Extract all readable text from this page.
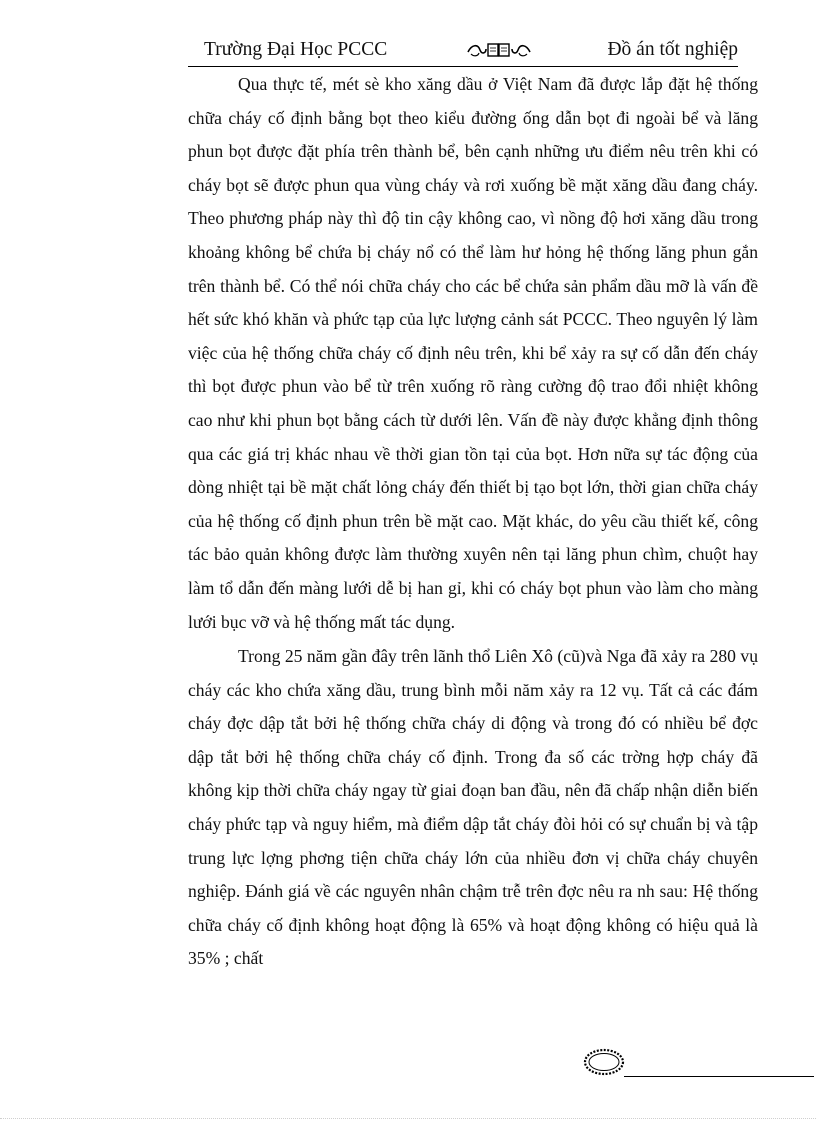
Trường Đại Học PCCC	Đồ án tốt nghiệp

Qua thực tế, mét sè kho xăng dầu ở Việt Nam đã được lắp đặt hệ thống chữa cháy cố định bằng bọt theo kiểu đường ống dẫn bọt đi ngoài bể và lăng phun bọt được đặt phía trên thành bể, bên cạnh những ưu điểm nêu trên khi có cháy bọt sẽ được phun qua vùng cháy và rơi xuống bề mặt xăng dầu đang cháy. Theo phương pháp này thì độ tin cậy không cao, vì nồng độ hơi xăng dầu trong khoảng không bể chứa bị cháy nổ có thể làm hư hỏng hệ thống lăng phun gắn trên thành bể. Có thể nói chữa cháy cho các bể chứa sản phẩm dầu mỡ là vấn đề hết sức khó khăn và phức tạp của lực lượng cảnh sát PCCC. Theo nguyên lý làm việc của hệ thống chữa cháy cố định nêu trên, khi bể xảy ra sự cố dẫn đến cháy thì bọt được phun vào bể từ trên xuống rõ ràng cường độ trao đổi nhiệt không cao như khi phun bọt bằng cách từ dưới lên. Vấn đề này được khẳng định thông qua các giá trị khác nhau về thời gian tồn tại của bọt. Hơn nữa sự tác động của dòng nhiệt tại bề mặt chất lỏng cháy đến thiết bị tạo bọt lớn, thời gian chữa cháy của hệ thống cố định phun trên bề mặt cao. Mặt khác, do yêu cầu thiết kế, công tác bảo quản không được làm thường xuyên nên tại lăng phun chìm, chuột hay làm tổ dẫn đến màng lưới dễ bị han gỉ, khi có cháy bọt phun vào làm cho màng lưới bục vỡ và hệ thống mất tác dụng.

Trong 25 năm gần đây trên lãnh thổ Liên Xô (cũ)và Nga đã xảy ra 280 vụ cháy các kho chứa xăng dầu, trung bình mỗi năm xảy ra 12 vụ. Tất cả các đám cháy đợc dập tắt bởi hệ thống chữa cháy di động và trong đó có nhiều bể đợc dập tắt bởi hệ thống chữa cháy cố định. Trong đa số các trờng hợp cháy đã không kịp thời chữa cháy ngay từ giai đoạn ban đầu, nên đã chấp nhận diễn biến cháy phức tạp và nguy hiểm, mà điểm dập tắt cháy đòi hỏi có sự chuẩn bị và tập trung lực lợng phơng tiện chữa cháy lớn của nhiều đơn vị chữa cháy chuyên nghiệp. Đánh giá về các nguyên nhân chậm trễ trên đợc nêu ra nh sau: Hệ thống chữa cháy cố định không hoạt động là 65% và hoạt động không có hiệu quả là 35% ; chất
